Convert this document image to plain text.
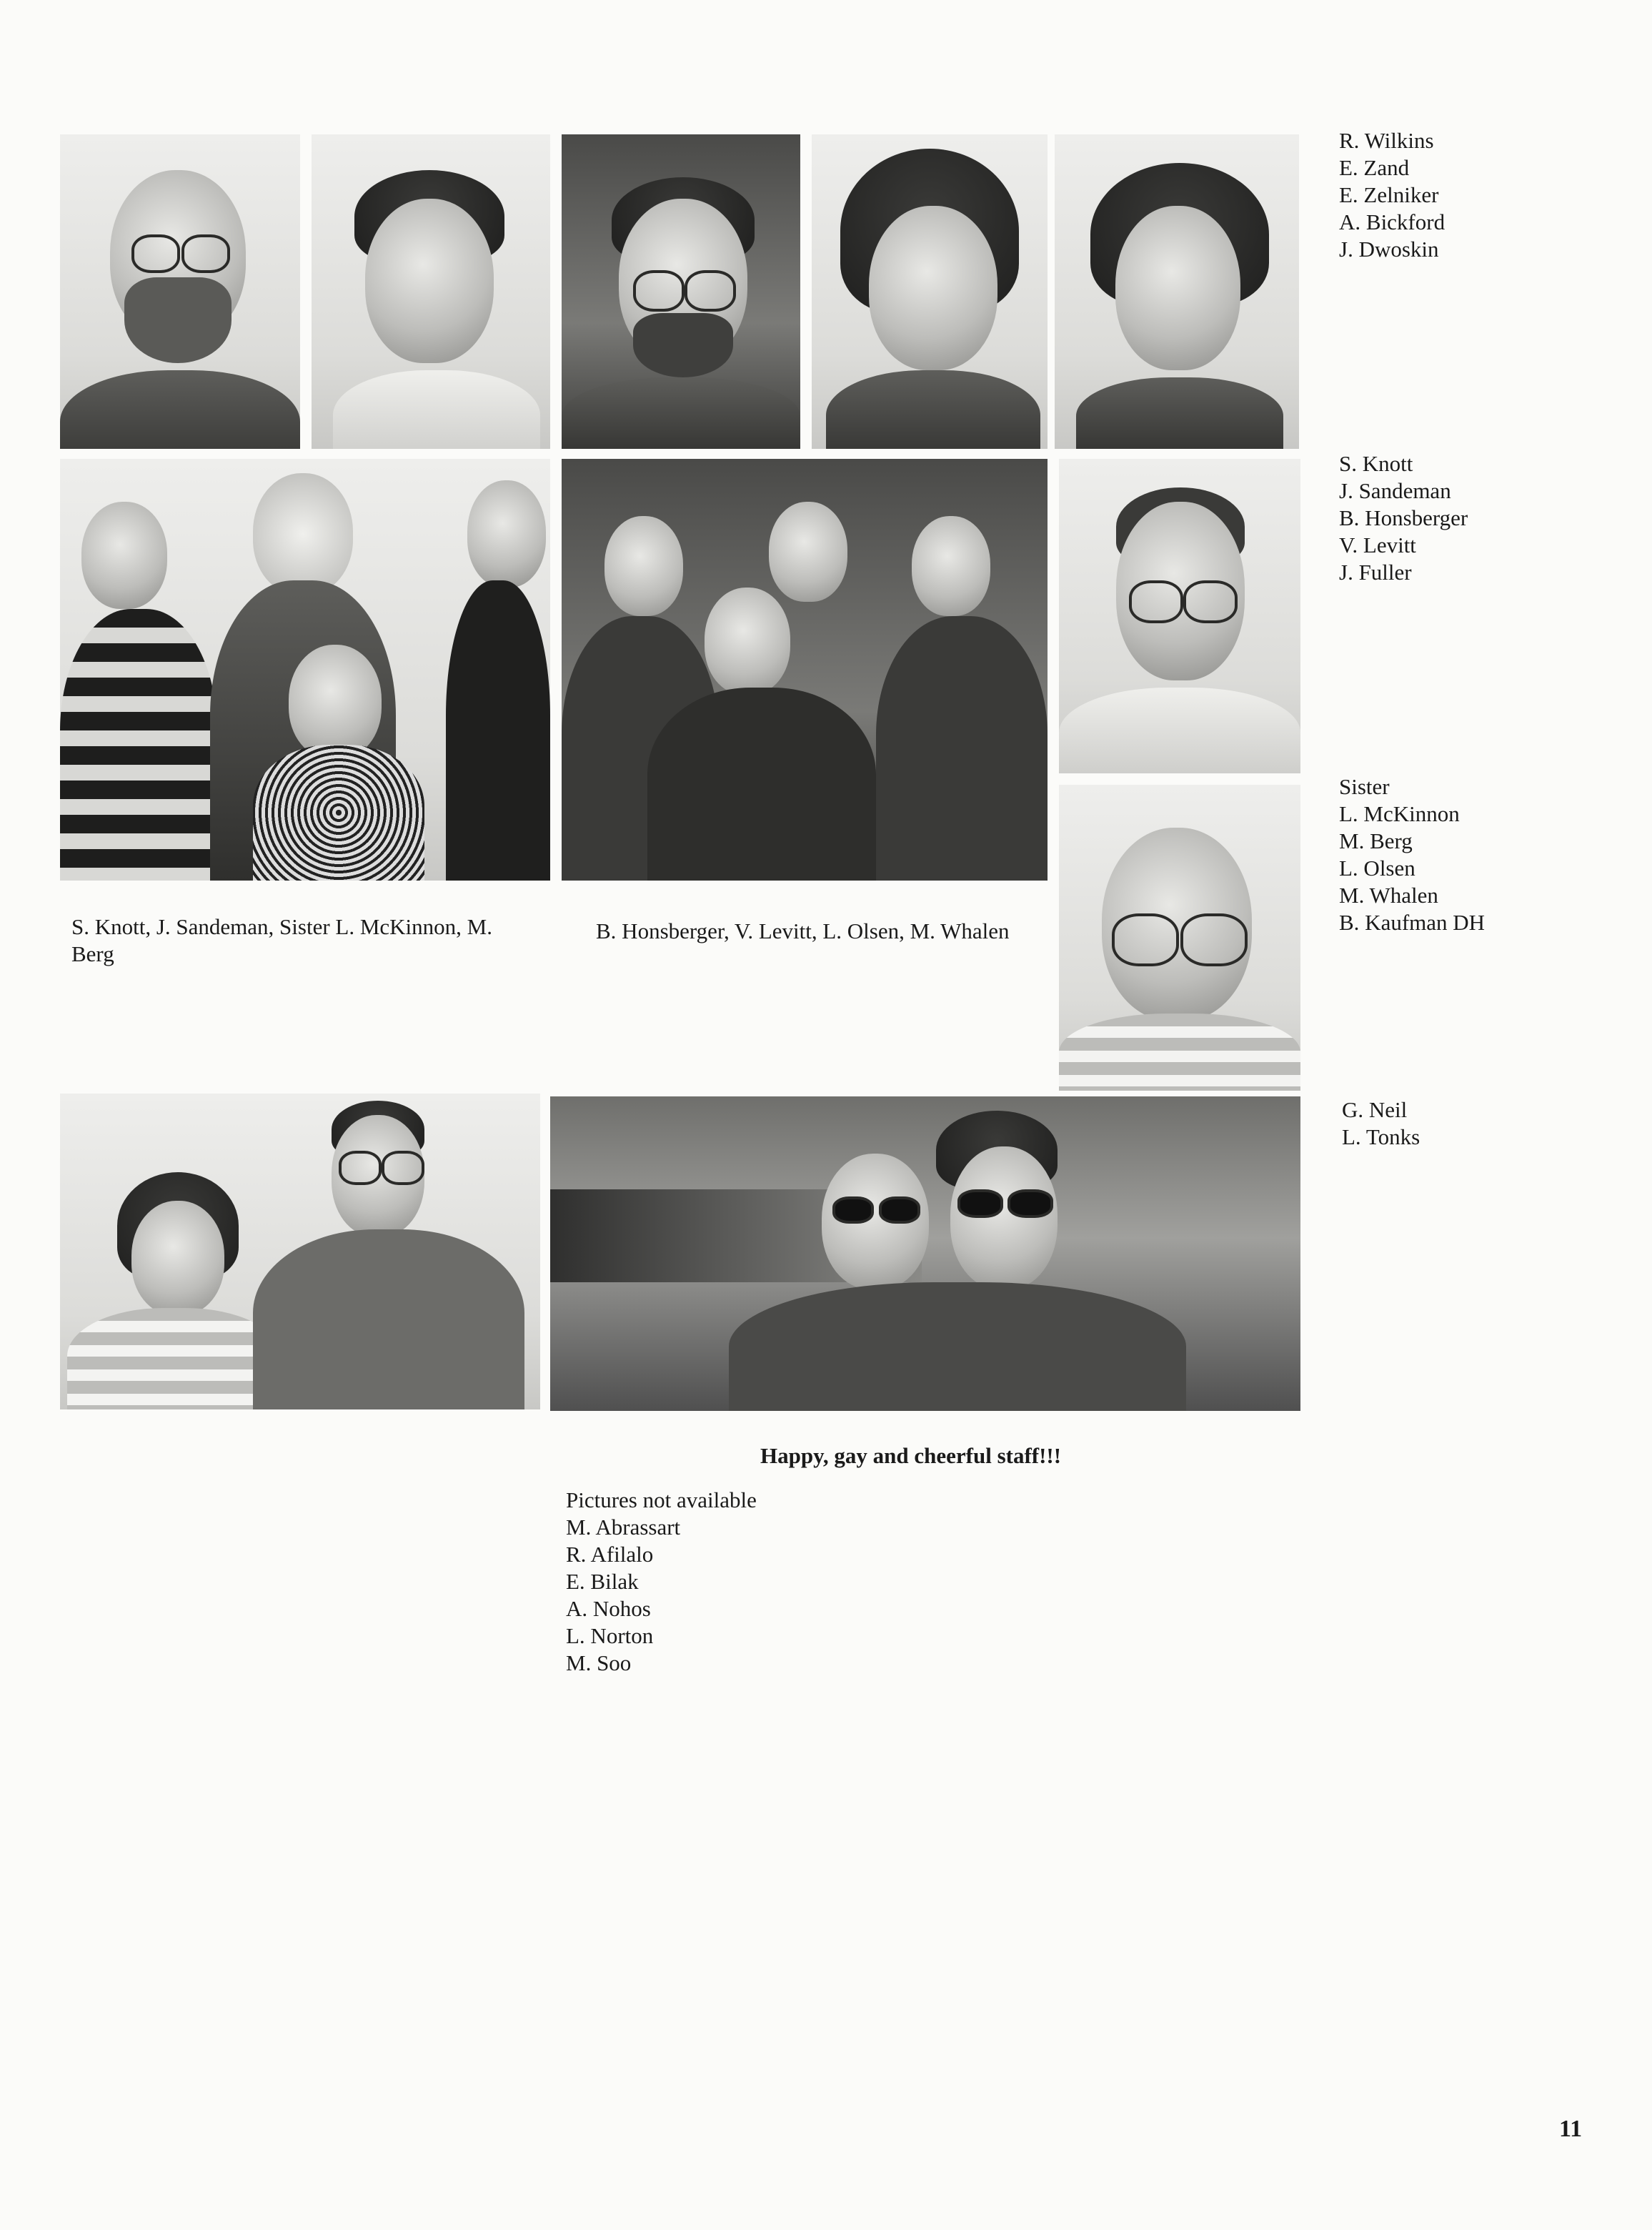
R. Wilkins
E. Zand
E. Zelniker
A. Bickford
J. Dwoskin
S. Knott
J. Sandeman
B. Honsberger
V. Levitt
J. Fuller
Sister
L. McKinnon
M. Berg
L. Olsen
M. Whalen
B. Kaufman DH
S. Knott, J. Sandeman, Sister L. McKinnon, M. Berg
B. Honsberger, V. Levitt, L. Olsen, M. Whalen
G. Neil
L. Tonks
Happy, gay and cheerful staff!!!
Pictures not available
M. Abrassart
R. Afilalo
E. Bilak
A. Nohos
L. Norton
M. Soo
11
